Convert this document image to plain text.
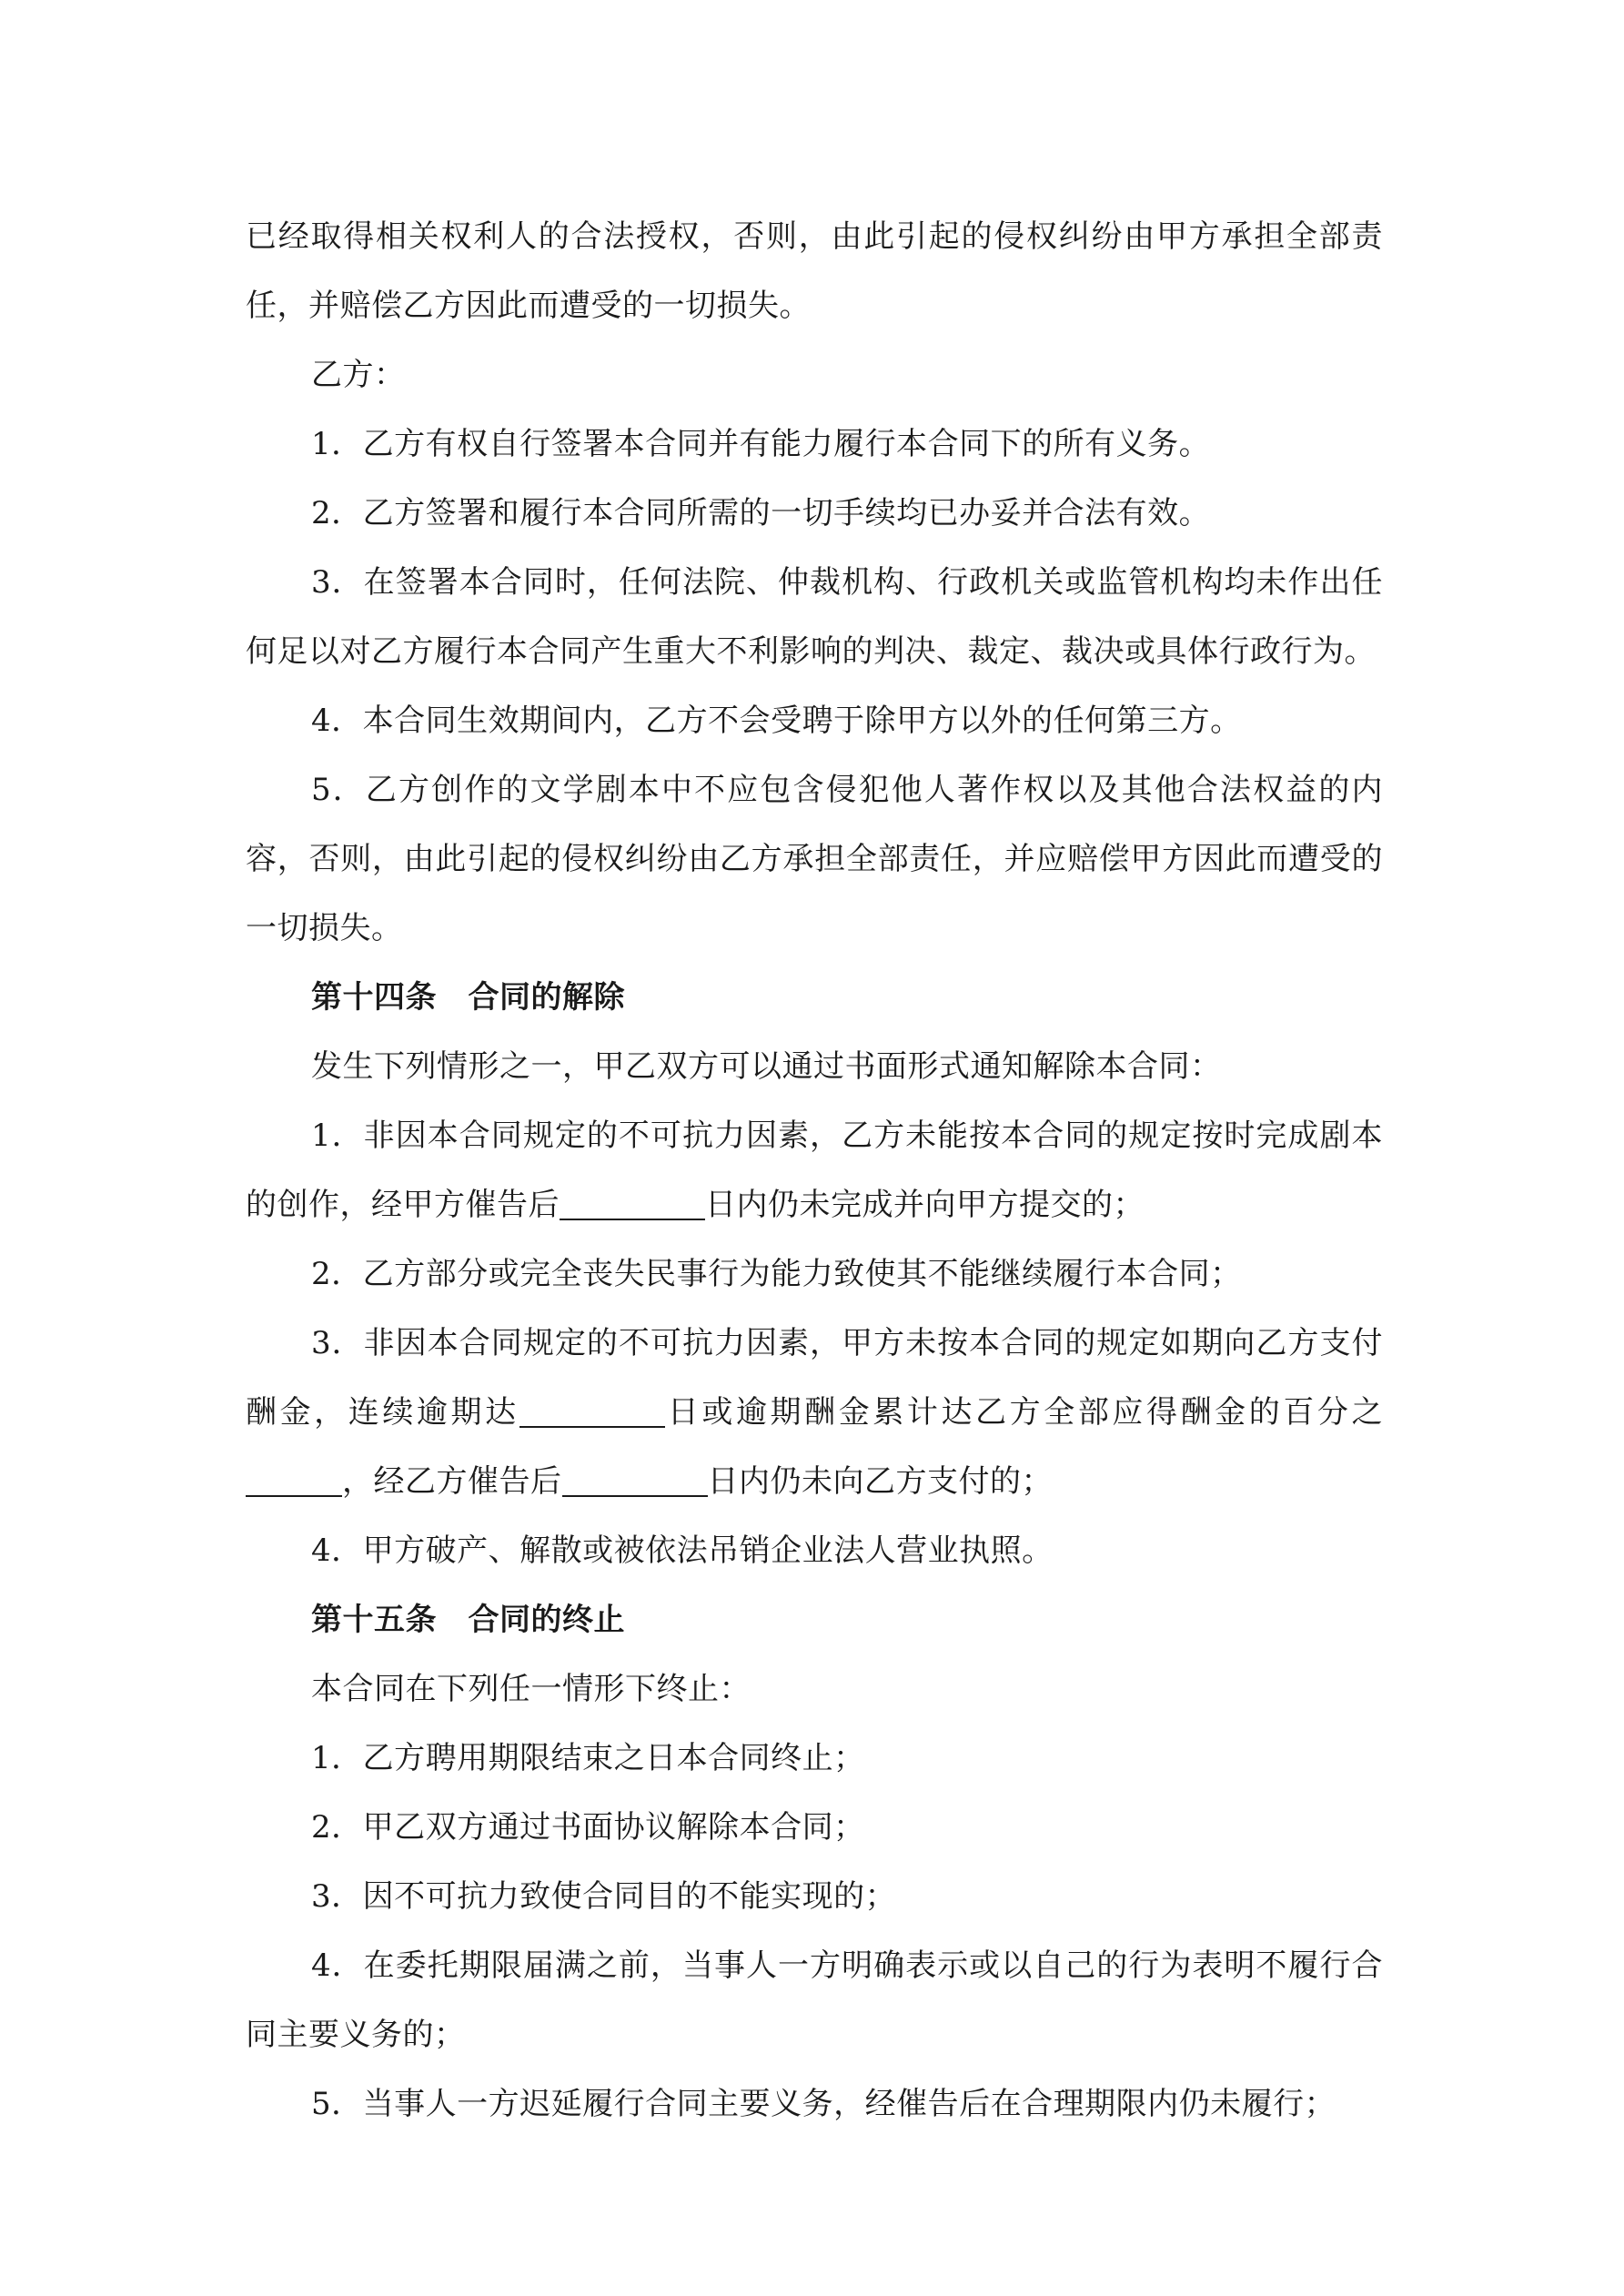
已经取得相关权利人的合法授权，否则，由此引起的侵权纠纷由甲方承担全部责任，并赔偿乙方因此而遭受的一切损失。

乙方：

1．乙方有权自行签署本合同并有能力履行本合同下的所有义务。

2．乙方签署和履行本合同所需的一切手续均已办妥并合法有效。

3．在签署本合同时，任何法院、仲裁机构、行政机关或监管机构均未作出任何足以对乙方履行本合同产生重大不利影响的判决、裁定、裁决或具体行政行为。

4．本合同生效期间内，乙方不会受聘于除甲方以外的任何第三方。

5．乙方创作的文学剧本中不应包含侵犯他人著作权以及其他合法权益的内容，否则，由此引起的侵权纠纷由乙方承担全部责任，并应赔偿甲方因此而遭受的一切损失。

第十四条　合同的解除

发生下列情形之一，甲乙双方可以通过书面形式通知解除本合同：

1．非因本合同规定的不可抗力因素，乙方未能按本合同的规定按时完成剧本的创作，经甲方催告后	日内仍未完成并向甲方提交的；

2．乙方部分或完全丧失民事行为能力致使其不能继续履行本合同；

3．非因本合同规定的不可抗力因素，甲方未按本合同的规定如期向乙方支付酬金，连续逾期达	日或逾期酬金累计达乙方全部应得酬金的百分之，经乙方催告后	日内仍未向乙方支付的；

4．甲方破产、解散或被依法吊销企业法人营业执照。

第十五条　合同的终止

本合同在下列任一情形下终止：

1．乙方聘用期限结束之日本合同终止；

2．甲乙双方通过书面协议解除本合同；

3．因不可抗力致使合同目的不能实现的；

4．在委托期限届满之前，当事人一方明确表示或以自己的行为表明不履行合同主要义务的；

5．当事人一方迟延履行合同主要义务，经催告后在合理期限内仍未履行；
